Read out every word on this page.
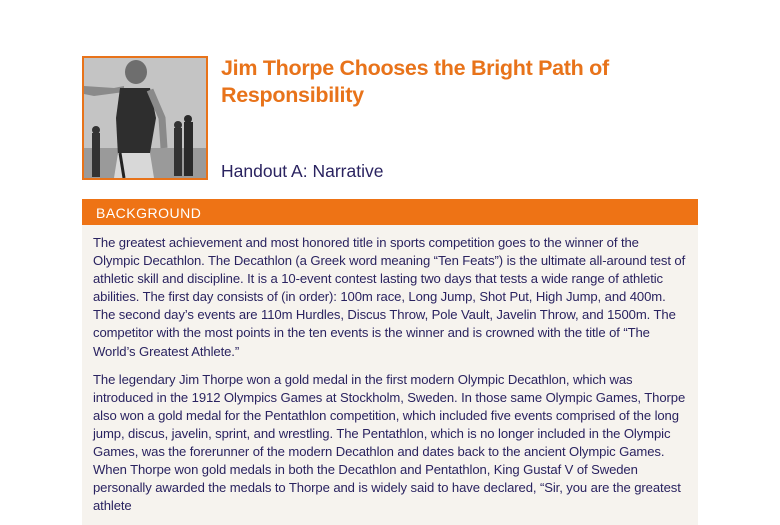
Jim Thorpe Chooses the Bright Path of Responsibility
Handout A: Narrative
BACKGROUND

The greatest achievement and most honored title in sports competition goes to the winner of the Olympic Decathlon. The Decathlon (a Greek word meaning “Ten Feats”) is the ultimate all-around test of athletic skill and discipline. It is a 10-event contest lasting two days that tests a wide range of athletic abilities. The first day consists of (in order): 100m race, Long Jump, Shot Put, High Jump, and 400m. The second day’s events are 110m Hurdles, Discus Throw, Pole Vault, Javelin Throw, and 1500m. The competitor with the most points in the ten events is the winner and is crowned with the title of “The World’s Greatest Athlete.”

The legendary Jim Thorpe won a gold medal in the first modern Olympic Decathlon, which was introduced in the 1912 Olympics Games at Stockholm, Sweden. In those same Olympic Games, Thorpe also won a gold medal for the Pentathlon competition, which included five events comprised of the long jump, discus, javelin, sprint, and wrestling. The Pentathlon, which is no longer included in the Olympic Games, was the forerunner of the modern Decathlon and dates back to the ancient Olympic Games. When Thorpe won gold medals in both the Decathlon and Pentathlon, King Gustaf V of Sweden personally awarded the medals to Thorpe and is widely said to have declared, “Sir, you are the greatest athlete
